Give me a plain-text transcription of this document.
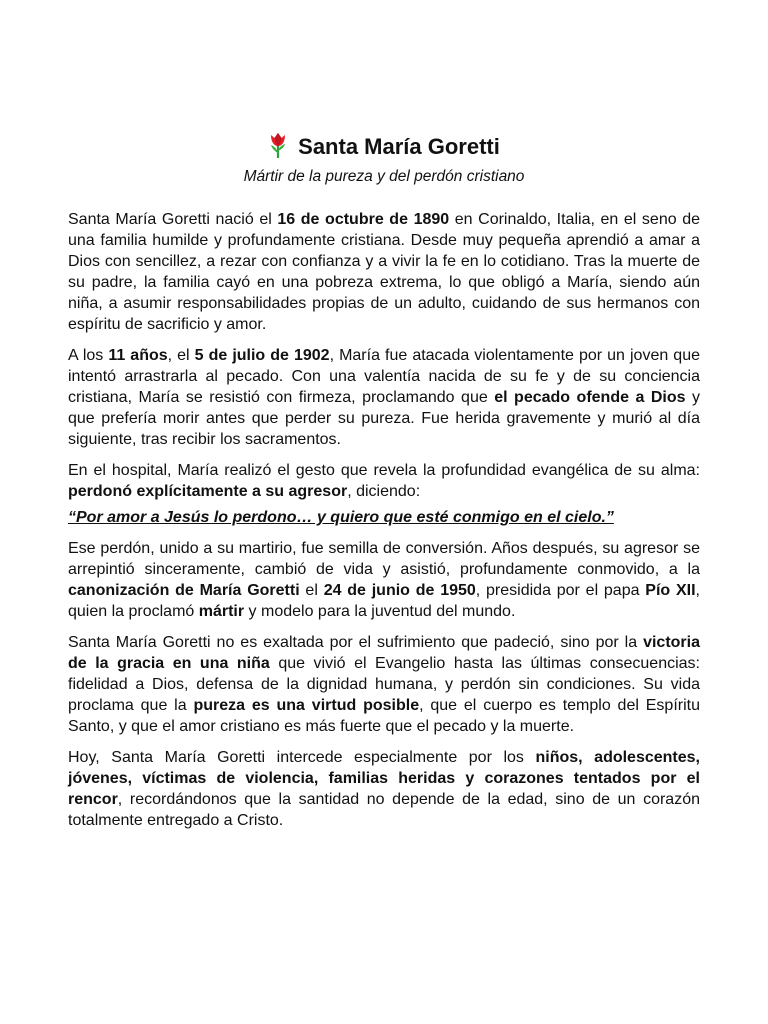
Santa María Goretti
Mártir de la pureza y del perdón cristiano

Santa María Goretti nació el 16 de octubre de 1890 en Corinaldo, Italia, en el seno de una familia humilde y profundamente cristiana. Desde muy pequeña aprendió a amar a Dios con sencillez, a rezar con confianza y a vivir la fe en lo cotidiano. Tras la muerte de su padre, la familia cayó en una pobreza extrema, lo que obligó a María, siendo aún niña, a asumir responsabilidades propias de un adulto, cuidando de sus hermanos con espíritu de sacrificio y amor.

A los 11 años, el 5 de julio de 1902, María fue atacada violentamente por un joven que intentó arrastrarla al pecado. Con una valentía nacida de su fe y de su conciencia cristiana, María se resistió con firmeza, proclamando que el pecado ofende a Dios y que prefería morir antes que perder su pureza. Fue herida gravemente y murió al día siguiente, tras recibir los sacramentos.

En el hospital, María realizó el gesto que revela la profundidad evangélica de su alma: perdonó explícitamente a su agresor, diciendo:

“Por amor a Jesús lo perdono… y quiero que esté conmigo en el cielo.”

Ese perdón, unido a su martirio, fue semilla de conversión. Años después, su agresor se arrepintió sinceramente, cambió de vida y asistió, profundamente conmovido, a la canonización de María Goretti el 24 de junio de 1950, presidida por el papa Pío XII, quien la proclamó mártir y modelo para la juventud del mundo.

Santa María Goretti no es exaltada por el sufrimiento que padeció, sino por la victoria de la gracia en una niña que vivió el Evangelio hasta las últimas consecuencias: fidelidad a Dios, defensa de la dignidad humana, y perdón sin condiciones. Su vida proclama que la pureza es una virtud posible, que el cuerpo es templo del Espíritu Santo, y que el amor cristiano es más fuerte que el pecado y la muerte.

Hoy, Santa María Goretti intercede especialmente por los niños, adolescentes, jóvenes, víctimas de violencia, familias heridas y corazones tentados por el rencor, recordándonos que la santidad no depende de la edad, sino de un corazón totalmente entregado a Cristo.
